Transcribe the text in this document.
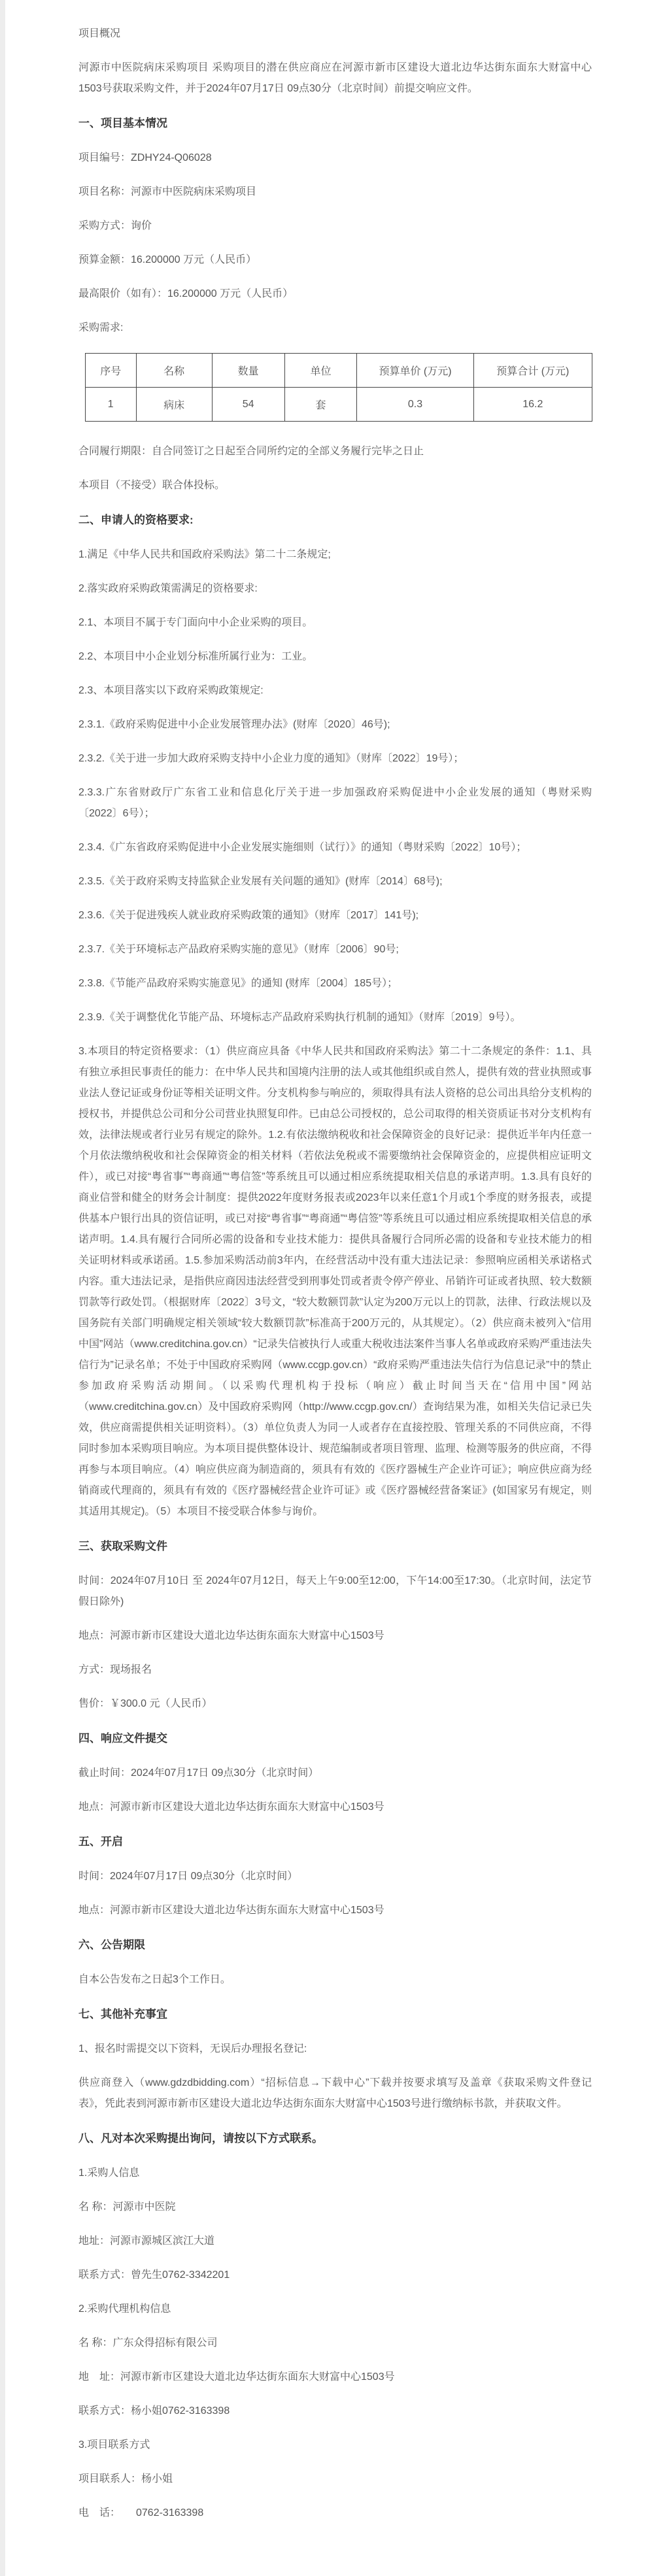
项目概况

河源市中医院病床采购项目 采购项目的潜在供应商应在河源市新市区建设大道北边华达街东面东大财富中心1503号获取采购文件，并于2024年07月17日 09点30分（北京时间）前提交响应文件。

一、项目基本情况

项目编号：ZDHY24-Q06028

项目名称：河源市中医院病床采购项目

采购方式：询价

预算金额：16.200000 万元（人民币）

最高限价（如有）：16.200000 万元（人民币）

采购需求:

序号	名称	数量	单位	预算单价 (万元)	预算合计 (万元)
1	病床	54	套	0.3	16.2

合同履行期限：自合同签订之日起至合同所约定的全部义务履行完毕之日止

本项目（不接受）联合体投标。

二、申请人的资格要求:

1.满足《中华人民共和国政府采购法》第二十二条规定;

2.落实政府采购政策需满足的资格要求:

2.1、本项目不属于专门面向中小企业采购的项目。

2.2、本项目中小企业划分标准所属行业为：工业。

2.3、本项目落实以下政府采购政策规定:

2.3.1.《政府采购促进中小企业发展管理办法》(财库〔2020〕46号);

2.3.2.《关于进一步加大政府采购支持中小企业力度的通知》（财库〔2022〕19号）；

2.3.3.广东省财政厅广东省工业和信息化厅关于进一步加强政府采购促进中小企业发展的通知（粤财采购〔2022〕6号）；

2.3.4.《广东省政府采购促进中小企业发展实施细则（试行）》的通知（粤财采购〔2022〕10号）；

2.3.5.《关于政府采购支持监狱企业发展有关问题的通知》(财库〔2014〕68号);

2.3.6.《关于促进残疾人就业政府采购政策的通知》（财库〔2017〕141号);

2.3.7.《关于环境标志产品政府采购实施的意见》（财库〔2006〕90号;

2.3.8.《节能产品政府采购实施意见》的通知 (财库〔2004〕185号）；

2.3.9.《关于调整优化节能产品、环境标志产品政府采购执行机制的通知》（财库〔2019〕9号）。

3.本项目的特定资格要求：（1）供应商应具备《中华人民共和国政府采购法》第二十二条规定的条件：1.1、具有独立承担民事责任的能力：在中华人民共和国境内注册的法人或其他组织或自然人，提供有效的营业执照或事业法人登记证或身份证等相关证明文件。分支机构参与响应的，须取得具有法人资格的总公司出具给分支机构的授权书，并提供总公司和分公司营业执照复印件。已由总公司授权的，总公司取得的相关资质证书对分支机构有效，法律法规或者行业另有规定的除外。1.2.有依法缴纳税收和社会保障资金的良好记录：提供近半年内任意一个月依法缴纳税收和社会保障资金的相关材料（若依法免税或不需要缴纳社会保障资金的，应提供相应证明文件），或已对接“粤省事”“粤商通”“粤信签”等系统且可以通过相应系统提取相关信息的承诺声明。1.3.具有良好的商业信誉和健全的财务会计制度：提供2022年度财务报表或2023年以来任意1个月或1个季度的财务报表，或提供基本户银行出具的资信证明，或已对接“粤省事”“粤商通”“粤信签”等系统且可以通过相应系统提取相关信息的承诺声明。1.4.具有履行合同所必需的设备和专业技术能力：提供具备履行合同所必需的设备和专业技术能力的相关证明材料或承诺函。1.5.参加采购活动前3年内，在经营活动中没有重大违法记录：参照响应函相关承诺格式内容。重大违法记录，是指供应商因违法经营受到刑事处罚或者责令停产停业、吊销许可证或者执照、较大数额罚款等行政处罚。（根据财库〔2022〕3号文，“较大数额罚款”认定为200万元以上的罚款，法律、行政法规以及国务院有关部门明确规定相关领域“较大数额罚款”标准高于200万元的，从其规定）。（2）供应商未被列入“信用中国”网站（www.creditchina.gov.cn）“记录失信被执行人或重大税收违法案件当事人名单或政府采购严重违法失信行为”记录名单；不处于中国政府采购网（www.ccgp.gov.cn）“政府采购严重违法失信行为信息记录”中的禁止参加政府采购活动期间。（以采购代理机构于投标（响应）截止时间当天在“信用中国”网站（www.creditchina.gov.cn）及中国政府采购网（http://www.ccgp.gov.cn/）查询结果为准，如相关失信记录已失效，供应商需提供相关证明资料）。（3）单位负责人为同一人或者存在直接控股、管理关系的不同供应商，不得同时参加本采购项目响应。为本项目提供整体设计、规范编制或者项目管理、监理、检测等服务的供应商，不得再参与本项目响应。（4）响应供应商为制造商的，须具有有效的《医疗器械生产企业许可证》；响应供应商为经销商或代理商的，须具有有效的《医疗器械经营企业许可证》或《医疗器械经营备案证》(如国家另有规定，则其适用其规定)。（5）本项目不接受联合体参与询价。

三、获取采购文件

时间：2024年07月10日 至 2024年07月12日，每天上午9:00至12:00，下午14:00至17:30。（北京时间，法定节假日除外)

地点：河源市新市区建设大道北边华达街东面东大财富中心1503号

方式：现场报名

售价：￥300.0 元（人民币）

四、响应文件提交

截止时间：2024年07月17日 09点30分（北京时间）

地点：河源市新市区建设大道北边华达街东面东大财富中心1503号

五、开启

时间：2024年07月17日 09点30分（北京时间）

地点：河源市新市区建设大道北边华达街东面东大财富中心1503号

六、公告期限

自本公告发布之日起3个工作日。

七、其他补充事宜

1、报名时需提交以下资料，无误后办理报名登记:

供应商登入（www.gdzdbidding.com）“招标信息→下载中心”下载并按要求填写及盖章《获取采购文件登记表》，凭此表到河源市新市区建设大道北边华达街东面东大财富中心1503号进行缴纳标书款，并获取文件。

八、凡对本次采购提出询问，请按以下方式联系。

1.采购人信息

名 称：河源市中医院

地址：河源市源城区滨江大道

联系方式：曾先生0762-3342201

2.采购代理机构信息

名 称：广东众得招标有限公司

地　址：河源市新市区建设大道北边华达街东面东大财富中心1503号

联系方式：杨小姐0762-3163398

3.项目联系方式

项目联系人：杨小姐

电　话：　　0762-3163398
